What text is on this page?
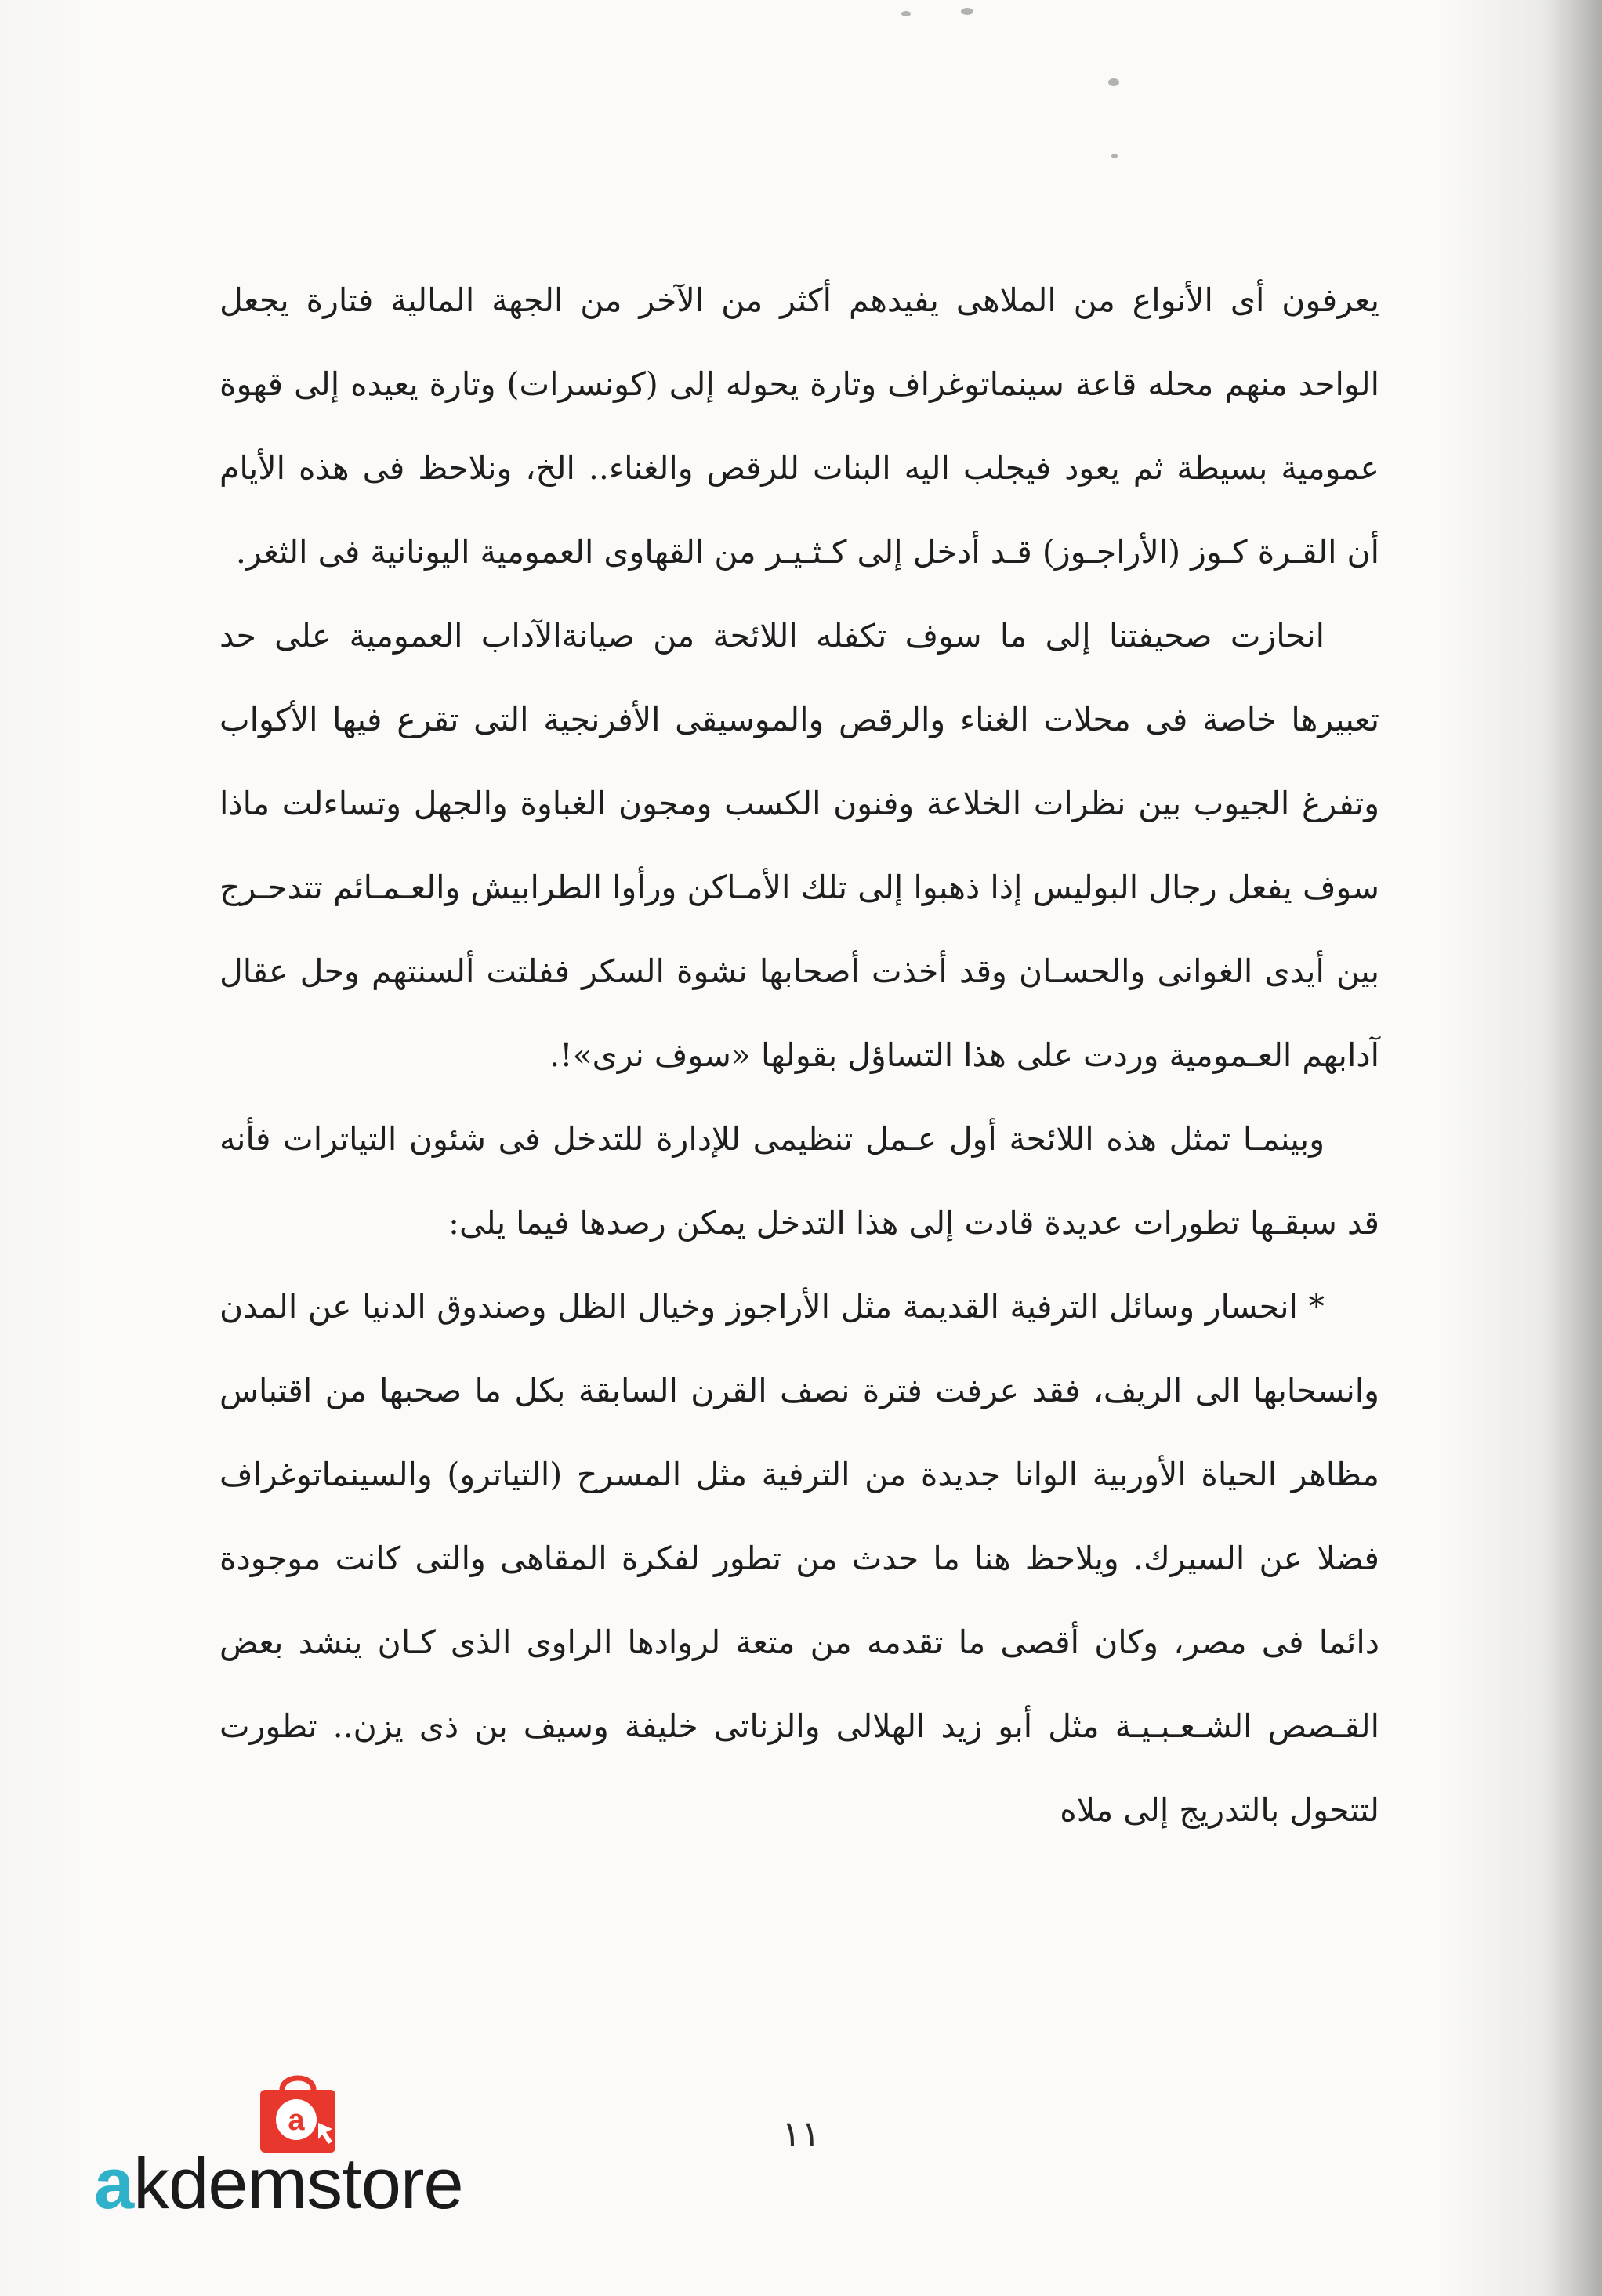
يعرفون أى الأنواع من الملاهى يفيدهم أكثر من الآخر من الجهة المالية فتارة يجعل الواحد منهم محله قاعة سينماتوغراف وتارة يحوله إلى (كونسرات) وتارة يعيده إلى قهوة عمومية بسيطة ثم يعود فيجلب اليه البنات للرقص والغناء.. الخ، ونلاحظ فى هذه الأيام أن القـرة كـوز (الأراجـوز) قـد أدخل إلى كـثـيـر من القهاوى العمومية اليونانية فى الثغر.

انحازت صحيفتنا إلى ما سوف تكفله اللائحة من صيانةالآداب العمومية على حد تعبيرها خاصة فى محلات الغناء والرقص والموسيقى الأفرنجية التى تقرع فيها الأكواب وتفرغ الجيوب بين نظرات الخلاعة وفنون الكسب ومجون الغباوة والجهل وتساءلت ماذا سوف يفعل رجال البوليس إذا ذهبوا إلى تلك الأمـاكن ورأوا الطرابيش والعـمـائم تتدحـرج بين أيدى الغوانى والحسـان وقد أخذت أصحابها نشوة السكر ففلتت ألسنتهم وحل عقال آدابهم العـمومية وردت على هذا التساؤل بقولها «سوف نرى»!.

وبينمـا تمثل هذه اللائحة أول عـمل تنظيمى للإدارة للتدخل فى شئون التياترات فأنه قد سبقـها تطورات عديدة قادت إلى هذا التدخل يمكن رصدها فيما يلى:

* انحسار وسائل الترفية القديمة مثل الأراجوز وخيال الظل وصندوق الدنيا عن المدن وانسحابها الى الريف، فقد عرفت فترة نصف القرن السابقة بكل ما صحبها من اقتباس مظاهر الحياة الأوربية الوانا جديدة من الترفية مثل المسرح (التياترو) والسينماتوغراف فضلا عن السيرك. ويلاحظ هنا ما حدث من تطور لفكرة المقاهى والتى كانت موجودة دائما فى مصر، وكان أقصى ما تقدمه من متعة لروادها الراوى الذى كـان ينشد بعض القـصص الشـعـبـيـة مثل أبو زيد الهلالى والزناتى خليفة وسيف بن ذى يزن.. تطورت لتتحول بالتدريج إلى ملاه

١١
a
akdemstore
